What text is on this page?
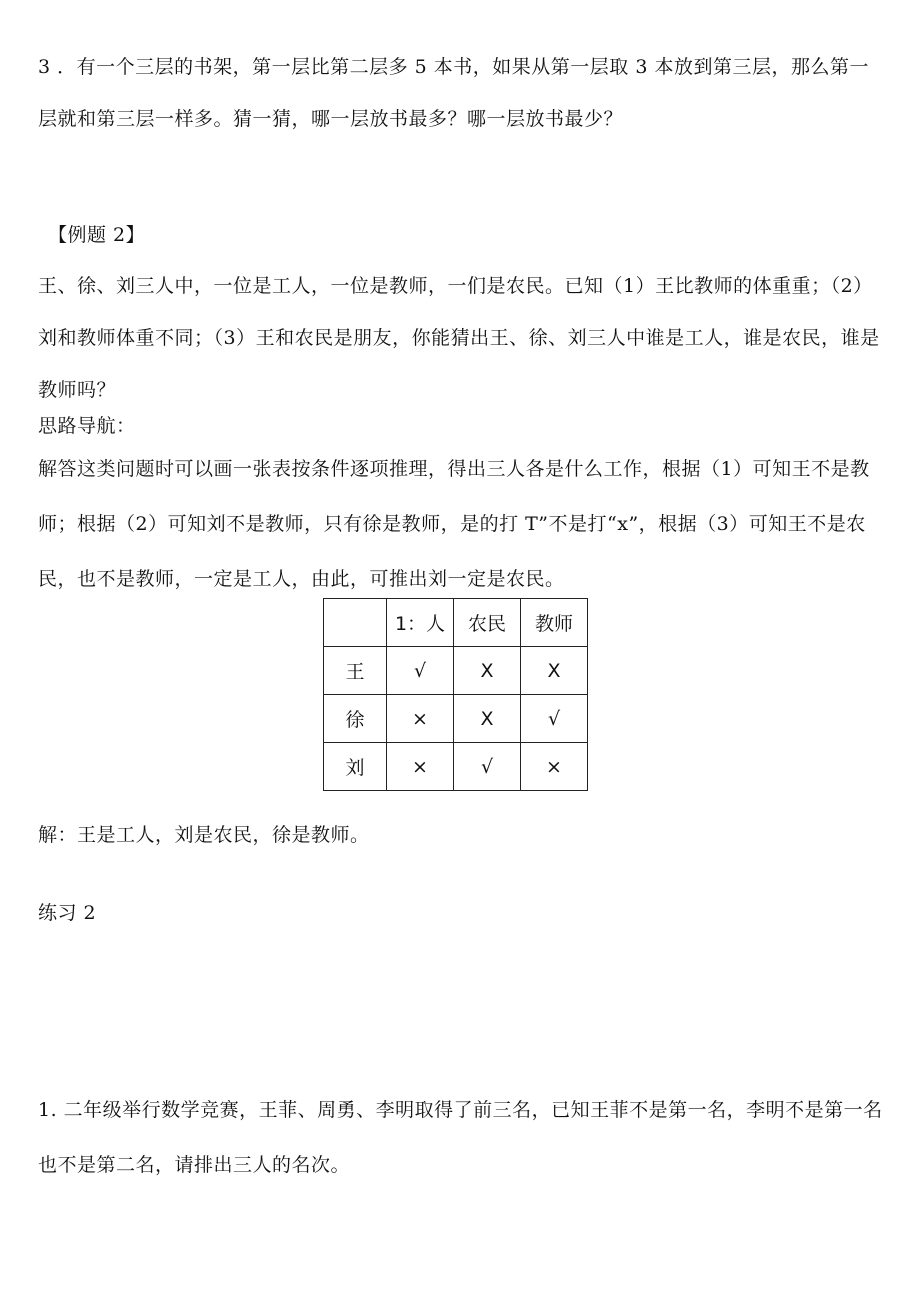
3 ．有一个三层的书架，第一层比第二层多 5 本书，如果从第一层取 3 本放到第三层，那么第一层就和第三层一样多。猜一猜，哪一层放书最多？哪一层放书最少？

【例题 2】

王、徐、刘三人中，一位是工人，一位是教师，一们是农民。已知（1）王比教师的体重重；（2）刘和教师体重不同；（3）王和农民是朋友，你能猜出王、徐、刘三人中谁是工人，谁是农民，谁是教师吗？

思路导航：

解答这类问题时可以画一张表按条件逐项推理，得出三人各是什么工作，根据（1）可知王不是教师；根据（2）可知刘不是教师，只有徐是教师，是的打 T”不是打“x”，根据（3）可知王不是农民，也不是教师，一定是工人，由此，可推出刘一定是农民。

解：王是工人，刘是农民，徐是教师。

练习 2

1. 二年级举行数学竞赛，王菲、周勇、李明取得了前三名，已知王菲不是第一名，李明不是第一名也不是第二名，请排出三人的名次。

	1：人	农民	教师
王	√	X	X
徐	×	X	√
刘	×	√	×
